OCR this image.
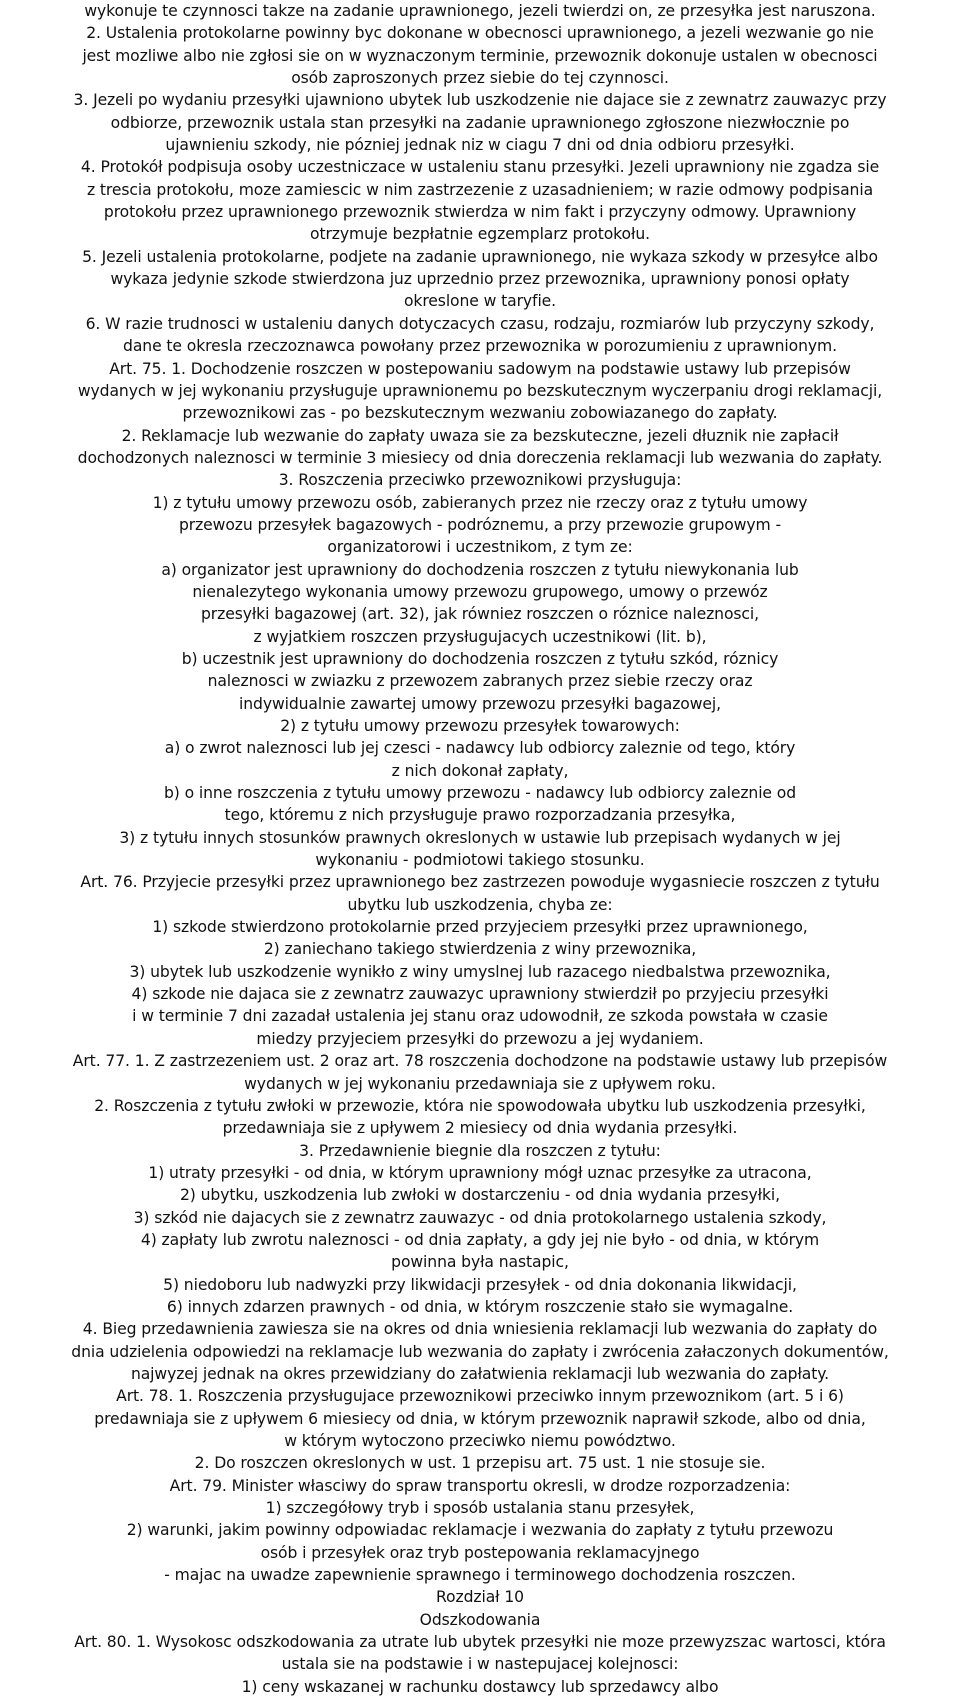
wykonuje te czynnosci takze na zadanie uprawnionego, jezeli twierdzi on, ze przesyłka jest naruszona.
2. Ustalenia protokolarne powinny byc dokonane w obecnosci uprawnionego, a jezeli wezwanie go nie
jest mozliwe albo nie zgłosi sie on w wyznaczonym terminie, przewoznik dokonuje ustalen w obecnosci
osób zaproszonych przez siebie do tej czynnosci.
3. Jezeli po wydaniu przesyłki ujawniono ubytek lub uszkodzenie nie dajace sie z zewnatrz zauwazyc przy
odbiorze, przewoznik ustala stan przesyłki na zadanie uprawnionego zgłoszone niezwłocznie po
ujawnieniu szkody, nie pózniej jednak niz w ciagu 7 dni od dnia odbioru przesyłki.
4. Protokół podpisuja osoby uczestniczace w ustaleniu stanu przesyłki. Jezeli uprawniony nie zgadza sie
z trescia protokołu, moze zamiescic w nim zastrzezenie z uzasadnieniem; w razie odmowy podpisania
protokołu przez uprawnionego przewoznik stwierdza w nim fakt i przyczyny odmowy. Uprawniony
otrzymuje bezpłatnie egzemplarz protokołu.
5. Jezeli ustalenia protokolarne, podjete na zadanie uprawnionego, nie wykaza szkody w przesyłce albo
wykaza jedynie szkode stwierdzona juz uprzednio przez przewoznika, uprawniony ponosi opłaty
okreslone w taryfie.
6. W razie trudnosci w ustaleniu danych dotyczacych czasu, rodzaju, rozmiarów lub przyczyny szkody,
dane te okresla rzeczoznawca powołany przez przewoznika w porozumieniu z uprawnionym.
Art. 75. 1. Dochodzenie roszczen w postepowaniu sadowym na podstawie ustawy lub przepisów
wydanych w jej wykonaniu przysługuje uprawnionemu po bezskutecznym wyczerpaniu drogi reklamacji,
przewoznikowi zas - po bezskutecznym wezwaniu zobowiazanego do zapłaty.
2. Reklamacje lub wezwanie do zapłaty uwaza sie za bezskuteczne, jezeli dłuznik nie zapłacił
dochodzonych naleznosci w terminie 3 miesiecy od dnia doreczenia reklamacji lub wezwania do zapłaty.
3. Roszczenia przeciwko przewoznikowi przysługuja:
1) z tytułu umowy przewozu osób, zabieranych przez nie rzeczy oraz z tytułu umowy
przewozu przesyłek bagazowych - podróznemu, a przy przewozie grupowym -
organizatorowi i uczestnikom, z tym ze:
a) organizator jest uprawniony do dochodzenia roszczen z tytułu niewykonania lub
nienalezytego wykonania umowy przewozu grupowego, umowy o przewóz
przesyłki bagazowej (art. 32), jak równiez roszczen o róznice naleznosci,
z wyjatkiem roszczen przysługujacych uczestnikowi (lit. b),
b) uczestnik jest uprawniony do dochodzenia roszczen z tytułu szkód, róznicy
naleznosci w zwiazku z przewozem zabranych przez siebie rzeczy oraz
indywidualnie zawartej umowy przewozu przesyłki bagazowej,
2) z tytułu umowy przewozu przesyłek towarowych:
a) o zwrot naleznosci lub jej czesci - nadawcy lub odbiorcy zaleznie od tego, który
z nich dokonał zapłaty,
b) o inne roszczenia z tytułu umowy przewozu - nadawcy lub odbiorcy zaleznie od
tego, któremu z nich przysługuje prawo rozporzadzania przesyłka,
3) z tytułu innych stosunków prawnych okreslonych w ustawie lub przepisach wydanych w jej
wykonaniu - podmiotowi takiego stosunku.
Art. 76. Przyjecie przesyłki przez uprawnionego bez zastrzezen powoduje wygasniecie roszczen z tytułu
ubytku lub uszkodzenia, chyba ze:
1) szkode stwierdzono protokolarnie przed przyjeciem przesyłki przez uprawnionego,
2) zaniechano takiego stwierdzenia z winy przewoznika,
3) ubytek lub uszkodzenie wynikło z winy umyslnej lub razacego niedbalstwa przewoznika,
4) szkode nie dajaca sie z zewnatrz zauwazyc uprawniony stwierdził po przyjeciu przesyłki
i w terminie 7 dni zazadał ustalenia jej stanu oraz udowodnił, ze szkoda powstała w czasie
miedzy przyjeciem przesyłki do przewozu a jej wydaniem.
Art. 77. 1. Z zastrzezeniem ust. 2 oraz art. 78 roszczenia dochodzone na podstawie ustawy lub przepisów
wydanych w jej wykonaniu przedawniaja sie z upływem roku.
2. Roszczenia z tytułu zwłoki w przewozie, która nie spowodowała ubytku lub uszkodzenia przesyłki,
przedawniaja sie z upływem 2 miesiecy od dnia wydania przesyłki.
3. Przedawnienie biegnie dla roszczen z tytułu:
1) utraty przesyłki - od dnia, w którym uprawniony mógł uznac przesyłke za utracona,
2) ubytku, uszkodzenia lub zwłoki w dostarczeniu - od dnia wydania przesyłki,
3) szkód nie dajacych sie z zewnatrz zauwazyc - od dnia protokolarnego ustalenia szkody,
4) zapłaty lub zwrotu naleznosci - od dnia zapłaty, a gdy jej nie było - od dnia, w którym
powinna była nastapic,
5) niedoboru lub nadwyzki przy likwidacji przesyłek - od dnia dokonania likwidacji,
6) innych zdarzen prawnych - od dnia, w którym roszczenie stało sie wymagalne.
4. Bieg przedawnienia zawiesza sie na okres od dnia wniesienia reklamacji lub wezwania do zapłaty do
dnia udzielenia odpowiedzi na reklamacje lub wezwania do zapłaty i zwrócenia załaczonych dokumentów,
najwyzej jednak na okres przewidziany do załatwienia reklamacji lub wezwania do zapłaty.
Art. 78. 1. Roszczenia przysługujace przewoznikowi przeciwko innym przewoznikom (art. 5 i 6)
predawniaja sie z upływem 6 miesiecy od dnia, w którym przewoznik naprawił szkode, albo od dnia,
w którym wytoczono przeciwko niemu powództwo.
2. Do roszczen okreslonych w ust. 1 przepisu art. 75 ust. 1 nie stosuje sie.
Art. 79. Minister własciwy do spraw transportu okresli, w drodze rozporzadzenia:
1) szczegółowy tryb i sposób ustalania stanu przesyłek,
2) warunki, jakim powinny odpowiadac reklamacje i wezwania do zapłaty z tytułu przewozu
osób i przesyłek oraz tryb postepowania reklamacyjnego
- majac na uwadze zapewnienie sprawnego i terminowego dochodzenia roszczen.
Rozdział 10
Odszkodowania
Art. 80. 1. Wysokosc odszkodowania za utrate lub ubytek przesyłki nie moze przewyzszac wartosci, która
ustala sie na podstawie i w nastepujacej kolejnosci:
1) ceny wskazanej w rachunku dostawcy lub sprzedawcy albo
